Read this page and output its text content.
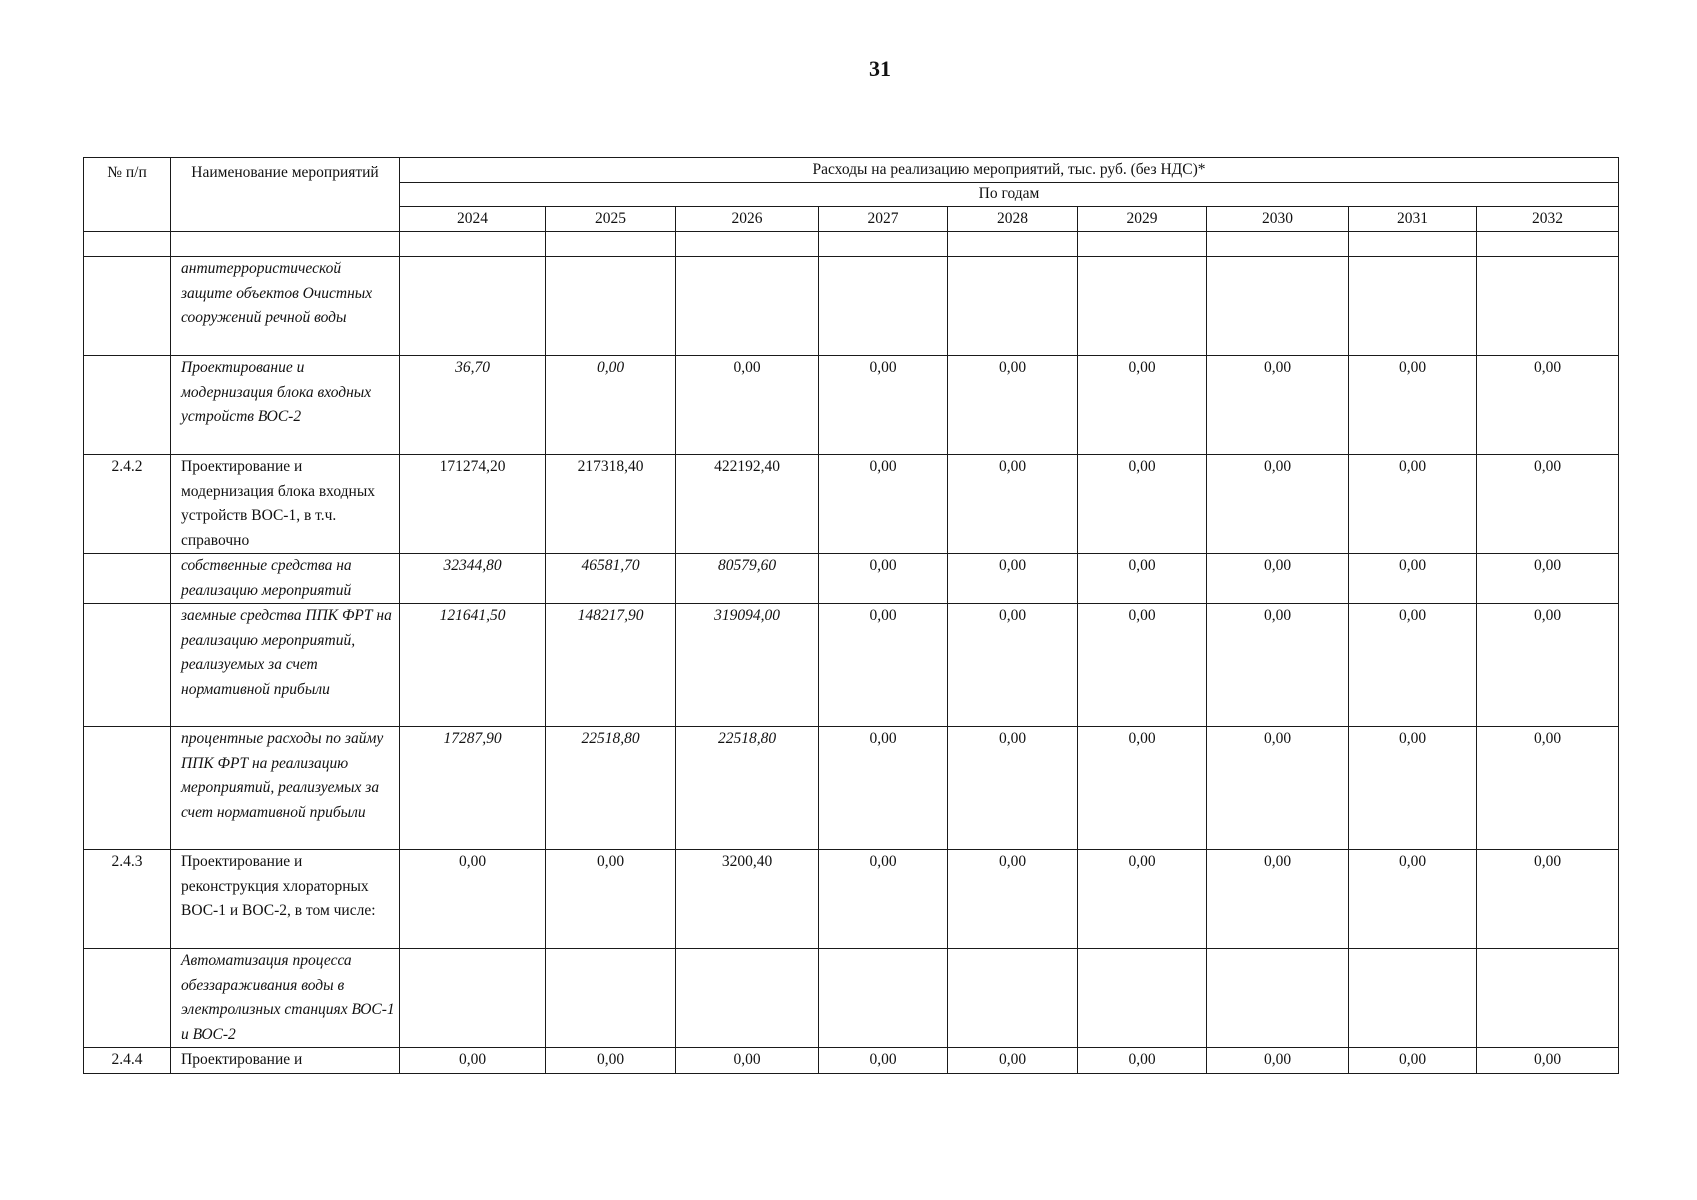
31
№ п/п	Наименование мероприятий	Расходы на реализацию мероприятий, тыс. руб. (без НДС)*								
		По годам								
		2024	2025	2026	2027	2028	2029	2030	2031	2032

	антитеррористической защите объектов Очистных сооружений речной воды									
	Проектирование и модернизация блока входных устройств ВОС-2	36,70	0,00	0,00	0,00	0,00	0,00	0,00	0,00	0,00
2.4.2	Проектирование и модернизация блока входных устройств ВОС-1, в т.ч. справочно	171274,20	217318,40	422192,40	0,00	0,00	0,00	0,00	0,00	0,00
	собственные средства на реализацию мероприятий	32344,80	46581,70	80579,60	0,00	0,00	0,00	0,00	0,00	0,00
	заемные средства ППК ФРТ на реализацию мероприятий, реализуемых за счет нормативной прибыли	121641,50	148217,90	319094,00	0,00	0,00	0,00	0,00	0,00	0,00
	процентные расходы по займу ППК ФРТ на реализацию мероприятий, реализуемых за счет нормативной прибыли	17287,90	22518,80	22518,80	0,00	0,00	0,00	0,00	0,00	0,00
2.4.3	Проектирование и реконструкция хлораторных ВОС-1 и ВОС-2, в том числе:	0,00	0,00	3200,40	0,00	0,00	0,00	0,00	0,00	0,00
	Автоматизация процесса обеззараживания воды в электролизных станциях ВОС-1 и ВОС-2									
2.4.4	Проектирование и	0,00	0,00	0,00	0,00	0,00	0,00	0,00	0,00	0,00
